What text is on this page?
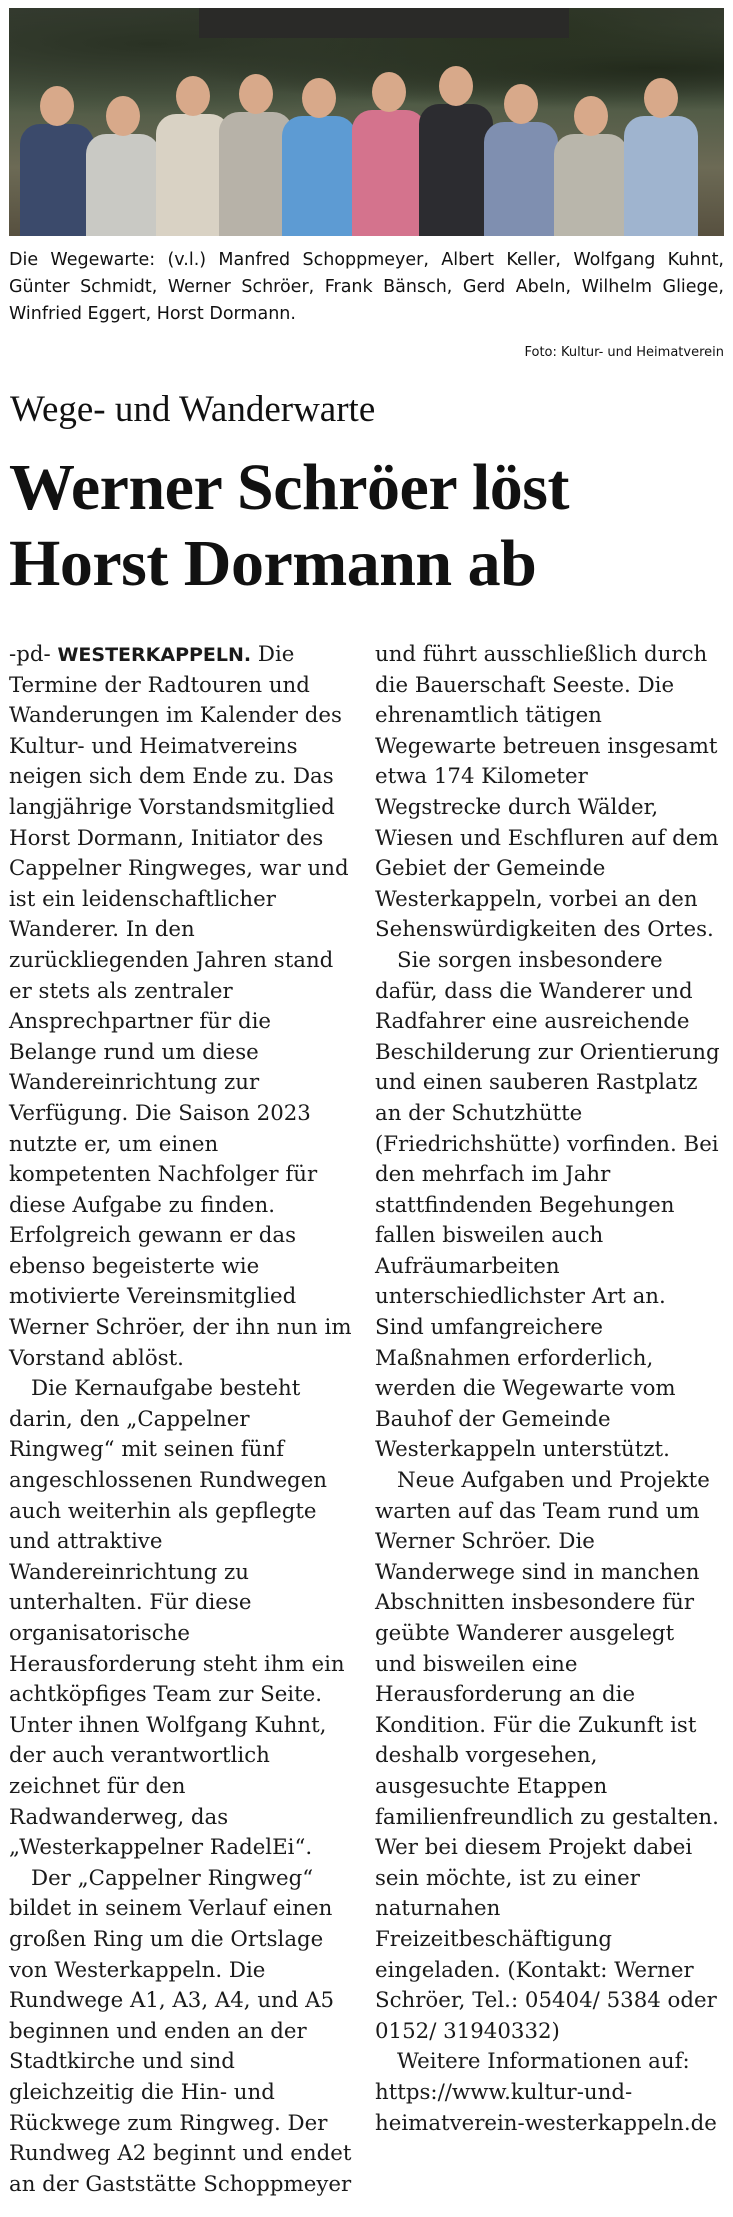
Die Wegewarte: (v.l.) Manfred Schoppmeyer, Albert Keller, Wolfgang Kuhnt, Günter Schmidt, Werner Schröer, Frank Bänsch, Gerd Abeln, Wilhelm Gliege, Winfried Eggert, Horst Dormann.
Foto: Kultur- und Heimatverein
Wege- und Wanderwarte
Werner Schröer löst Horst Dormann ab

-pd- WESTERKAPPELN. Die Termine der Radtouren und Wanderungen im Kalender des Kultur- und Heimatvereins neigen sich dem Ende zu. Das langjährige Vorstandsmitglied Horst Dormann, Initiator des Cappelner Ringweges, war und ist ein leidenschaftlicher Wanderer. In den zurückliegenden Jahren stand er stets als zentraler Ansprechpartner für die Belange rund um diese Wandereinrichtung zur Verfügung. Die Saison 2023 nutzte er, um einen kompetenten Nachfolger für diese Aufgabe zu finden. Erfolgreich gewann er das ebenso begeisterte wie motivierte Vereinsmitglied Werner Schröer, der ihn nun im Vorstand ablöst.

Die Kernaufgabe besteht darin, den „Cappelner Ringweg“ mit seinen fünf angeschlossenen Rundwegen auch weiterhin als gepflegte und attraktive Wandereinrichtung zu unterhalten. Für diese organisatorische Herausforderung steht ihm ein achtköpfiges Team zur Seite. Unter ihnen Wolfgang Kuhnt, der auch verantwortlich zeichnet für den Radwanderweg, das „Westerkappelner RadelEi“.

Der „Cappelner Ringweg“ bildet in seinem Verlauf einen großen Ring um die Ortslage von Westerkappeln. Die Rundwege A1, A3, A4, und A5 beginnen und enden an der Stadtkirche und sind gleichzeitig die Hin- und Rückwege zum Ringweg. Der Rundweg A2 beginnt und endet an der Gaststätte Schoppmeyer

und führt ausschließlich durch die Bauerschaft Seeste. Die ehrenamtlich tätigen Wegewarte betreuen insgesamt etwa 174 Kilometer Wegstrecke durch Wälder, Wiesen und Eschfluren auf dem Gebiet der Gemeinde Westerkappeln, vorbei an den Sehenswürdigkeiten des Ortes.

Sie sorgen insbesondere dafür, dass die Wanderer und Radfahrer eine ausreichende Beschilderung zur Orientierung und einen sauberen Rastplatz an der Schutzhütte (Friedrichshütte) vorfinden. Bei den mehrfach im Jahr stattfindenden Begehungen fallen bisweilen auch Aufräumarbeiten unterschiedlichster Art an. Sind umfangreichere Maßnahmen erforderlich, werden die Wegewarte vom Bauhof der Gemeinde Westerkappeln unterstützt.

Neue Aufgaben und Projekte warten auf das Team rund um Werner Schröer. Die Wanderwege sind in manchen Abschnitten insbesondere für geübte Wanderer ausgelegt und bisweilen eine Herausforderung an die Kondition. Für die Zukunft ist deshalb vorgesehen, ausgesuchte Etappen familienfreundlich zu gestalten. Wer bei diesem Projekt dabei sein möchte, ist zu einer naturnahen Freizeitbeschäftigung eingeladen. (Kontakt: Werner Schröer, Tel.: 05404/ 5384 oder 0152/ 31940332)

Weitere Informationen auf: https://www.kultur-und-heimatverein-westerkappeln.de
